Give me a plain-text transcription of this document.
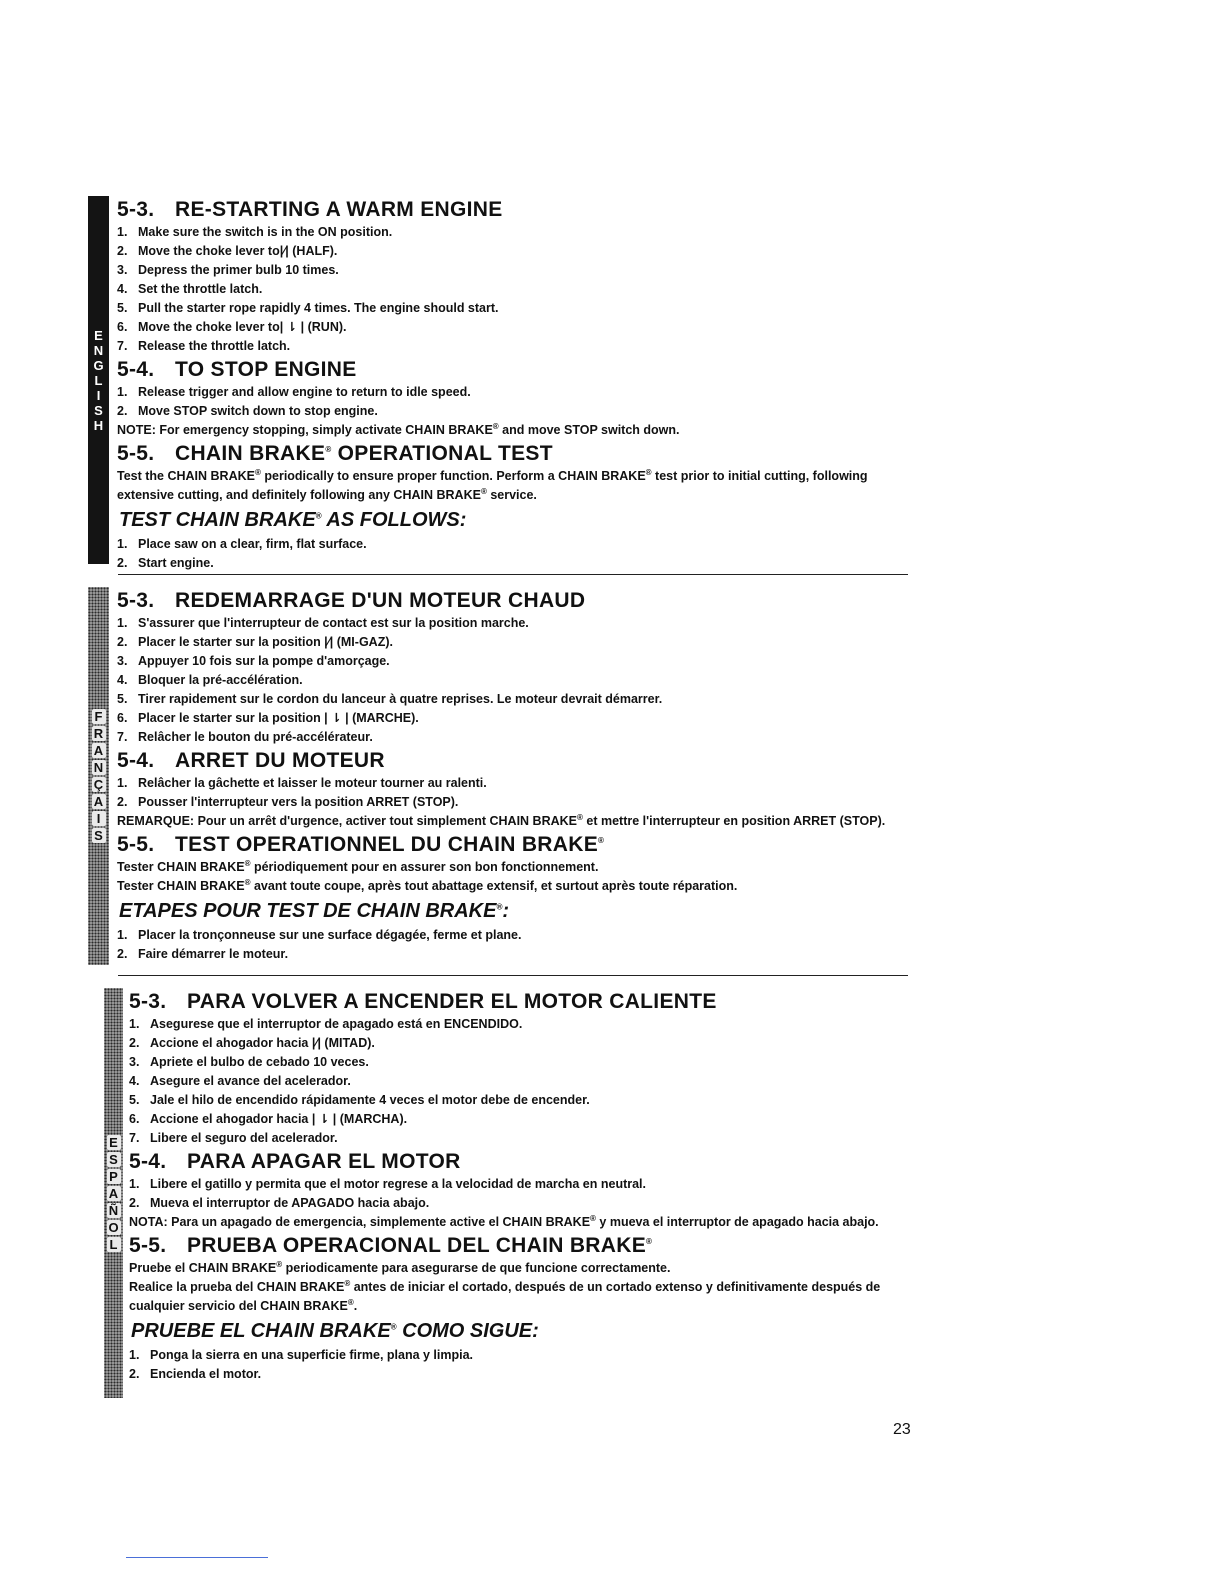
E
N
G
L
I
S
H
5-3. RE-STARTING A WARM ENGINE
1. Make sure the switch is in the ON position.
2. Move the choke lever to|⁄| (HALF).
3. Depress the primer bulb 10 times.
4. Set the throttle latch.
5. Pull the starter rope rapidly 4 times. The engine should start.
6. Move the choke lever to| ⇂ | (RUN).
7. Release the throttle latch.
5-4. TO STOP ENGINE
1. Release trigger and allow engine to return to idle speed.
2. Move STOP switch down to stop engine.

NOTE: For emergency stopping, simply activate CHAIN BRAKE® and move STOP switch down.

5-5. CHAIN BRAKE® OPERATIONAL TEST

Test the CHAIN BRAKE® periodically to ensure proper function. Perform a CHAIN BRAKE® test prior to initial cutting, following extensive cutting, and definitely following any CHAIN BRAKE® service.

TEST CHAIN BRAKE® AS FOLLOWS:
1. Place saw on a clear, firm, flat surface.
2. Start engine.
F
R
A
N
Ç
A
I
S
5-3. REDEMARRAGE D'UN MOTEUR CHAUD
1. S'assurer que l'interrupteur de contact est sur la position marche.
2. Placer le starter sur la position |⁄| (MI-GAZ).
3. Appuyer 10 fois sur la pompe d'amorçage.
4. Bloquer la pré-accélération.
5. Tirer rapidement sur le cordon du lanceur à quatre reprises. Le moteur devrait démarrer.
6. Placer le starter sur la position | ⇂ | (MARCHE).
7. Relâcher le bouton du pré-accélérateur.
5-4. ARRET DU MOTEUR
1. Relâcher la gâchette et laisser le moteur tourner au ralenti.
2. Pousser l'interrupteur vers la position ARRET (STOP).

REMARQUE: Pour un arrêt d'urgence, activer tout simplement CHAIN BRAKE® et mettre l'interrupteur en position ARRET (STOP).

5-5. TEST OPERATIONNEL DU CHAIN BRAKE®

Tester CHAIN BRAKE® périodiquement pour en assurer son bon fonctionnement.

Tester CHAIN BRAKE® avant toute coupe, après tout abattage extensif, et surtout après toute réparation.

ETAPES POUR TEST DE CHAIN BRAKE®:
1. Placer la tronçonneuse sur une surface dégagée, ferme et plane.
2. Faire démarrer le moteur.
E
S
P
A
Ñ
O
L
5-3. PARA VOLVER A ENCENDER EL MOTOR CALIENTE
1. Asegurese que el interruptor de apagado está en ENCENDIDO.
2. Accione el ahogador hacia |⁄| (MITAD).
3. Apriete el bulbo de cebado 10 veces.
4. Asegure el avance del acelerador.
5. Jale el hilo de encendido rápidamente 4 veces el motor debe de encender.
6. Accione el ahogador hacia | ⇂ | (MARCHA).
7. Libere el seguro del acelerador.
5-4. PARA APAGAR EL MOTOR
1. Libere el gatillo y permita que el motor regrese a la velocidad de marcha en neutral.
2. Mueva el interruptor de APAGADO hacia abajo.

NOTA: Para un apagado de emergencia, simplemente active el CHAIN BRAKE® y mueva el interruptor de apagado hacia abajo.

5-5. PRUEBA OPERACIONAL DEL CHAIN BRAKE®

Pruebe el CHAIN BRAKE® periodicamente para asegurarse de que funcione correctamente.

Realice la prueba del CHAIN BRAKE® antes de iniciar el cortado, después de un cortado extenso y definitivamente después de cualquier servicio del CHAIN BRAKE®.

PRUEBE EL CHAIN BRAKE® COMO SIGUE:
1. Ponga la sierra en una superficie firme, plana y limpia.
2. Encienda el motor.
23
